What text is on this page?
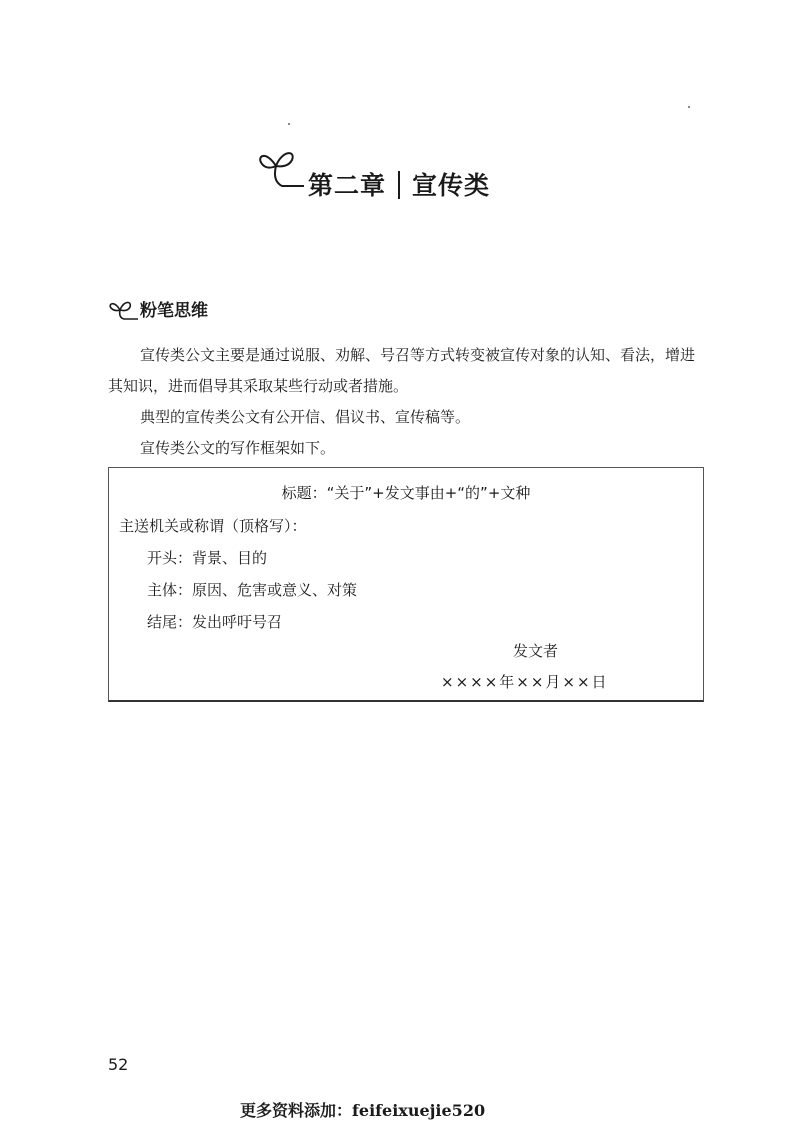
第二章 宣传类
粉笔思维

宣传类公文主要是通过说服、劝解、号召等方式转变被宣传对象的认知、看法，增进其知识，进而倡导其采取某些行动或者措施。

典型的宣传类公文有公开信、倡议书、宣传稿等。

宣传类公文的写作框架如下。

标题：“关于”+发文事由+“的”+文种
主送机关或称谓（顶格写）：
开头：背景、目的
主体：原因、危害或意义、对策
结尾：发出呼吁号召
发文者
××××年××月××日
52
更多资料添加：feifeixuejie520
